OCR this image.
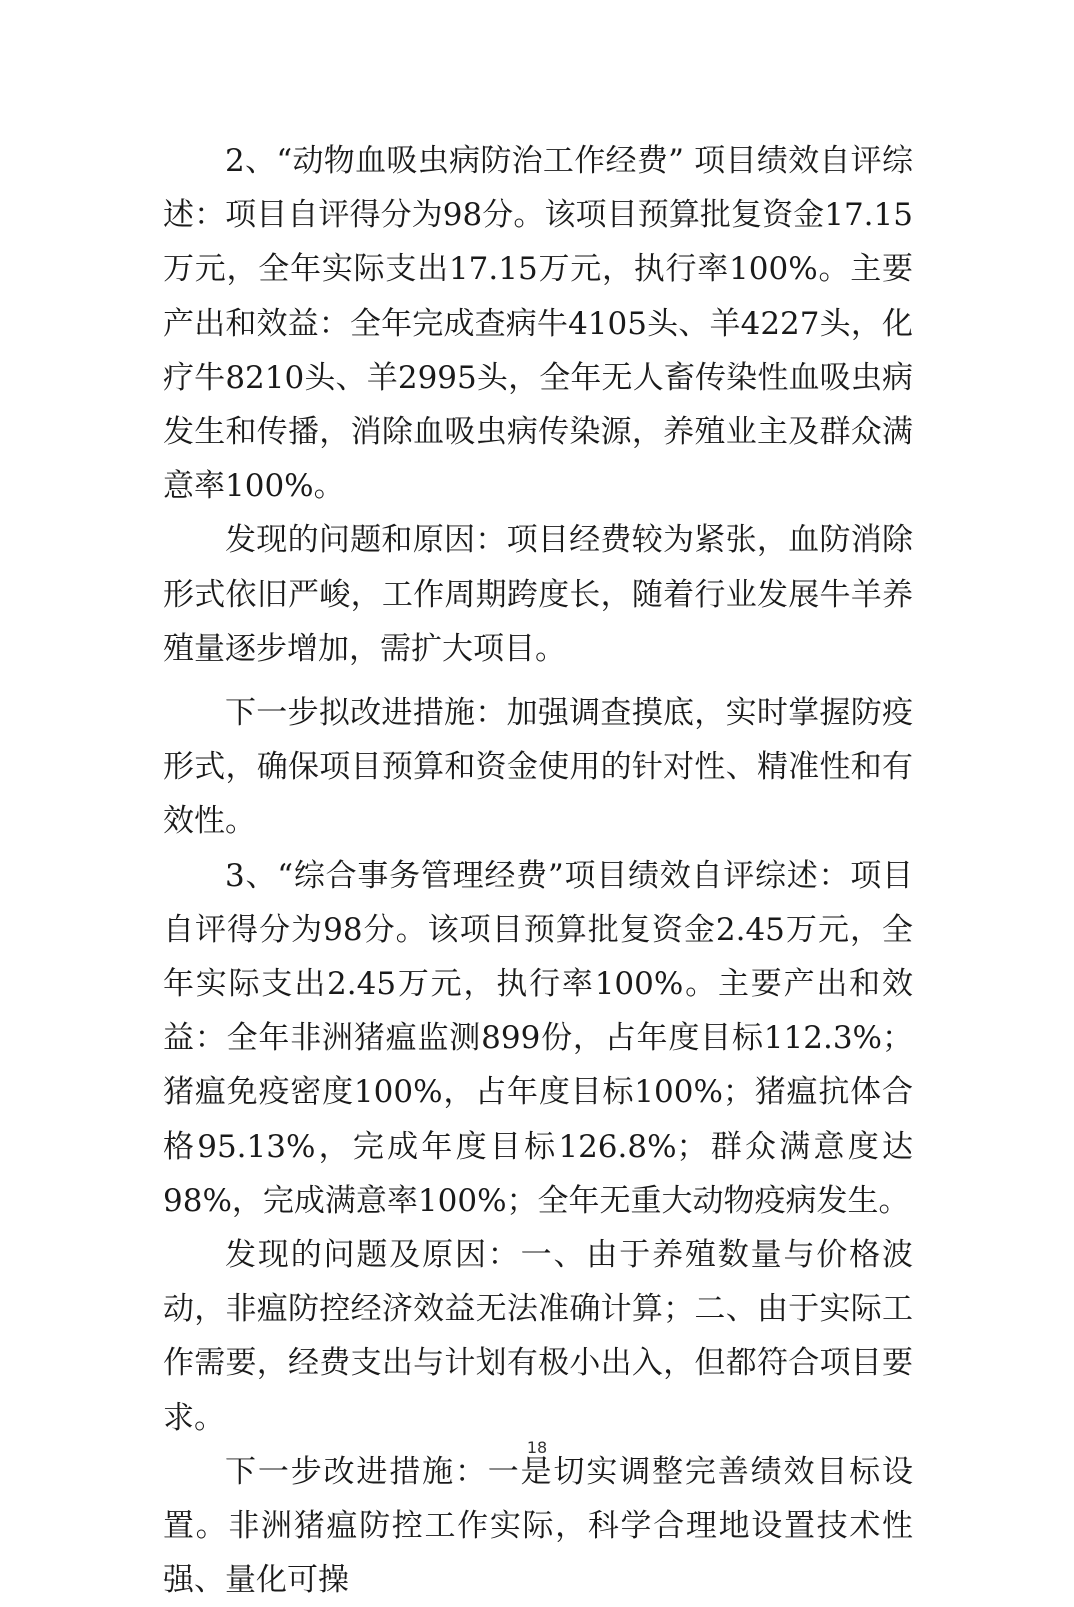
2、“动物血吸虫病防治工作经费” 项目绩效自评综述：项目自评得分为98分。该项目预算批复资金17.15万元，全年实际支出17.15万元，执行率100%。主要产出和效益：全年完成查病牛4105头、羊4227头，化疗牛8210头、羊2995头，全年无人畜传染性血吸虫病发生和传播，消除血吸虫病传染源，养殖业主及群众满意率100%。

发现的问题和原因：项目经费较为紧张，血防消除形式依旧严峻，工作周期跨度长，随着行业发展牛羊养殖量逐步增加，需扩大项目。

下一步拟改进措施：加强调查摸底，实时掌握防疫形式，确保项目预算和资金使用的针对性、精准性和有效性。

3、“综合事务管理经费”项目绩效自评综述：项目自评得分为98分。该项目预算批复资金2.45万元，全年实际支出2.45万元，执行率100%。主要产出和效益：全年非洲猪瘟监测899份，占年度目标112.3%；猪瘟免疫密度100%，占年度目标100%；猪瘟抗体合格95.13%，完成年度目标126.8%；群众满意度达98%，完成满意率100%；全年无重大动物疫病发生。

发现的问题及原因：一、由于养殖数量与价格波动，非瘟防控经济效益无法准确计算；二、由于实际工作需要，经费支出与计划有极小出入，但都符合项目要求。

下一步改进措施：一是切实调整完善绩效目标设置。非洲猪瘟防控工作实际，科学合理地设置技术性强、量化可操

18
